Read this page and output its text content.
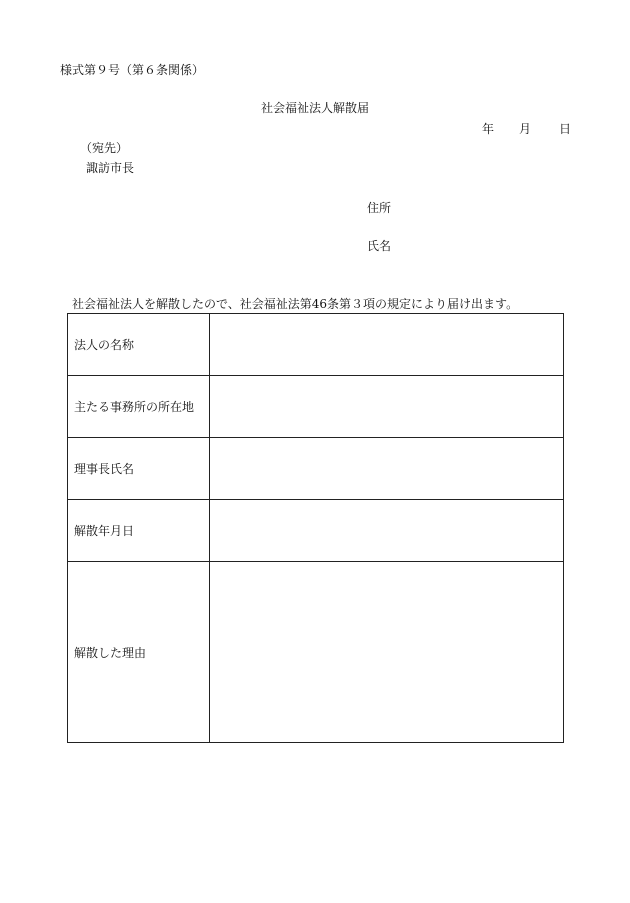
様式第９号（第６条関係）
社会福祉法人解散届
年 月 日
（宛先）
諏訪市長
住所
氏名
社会福祉法人を解散したので、社会福祉法第46条第３項の規定により届け出ます。
法人の名称	
主たる事務所の所在地	
理事長氏名	
解散年月日	
解散した理由	
